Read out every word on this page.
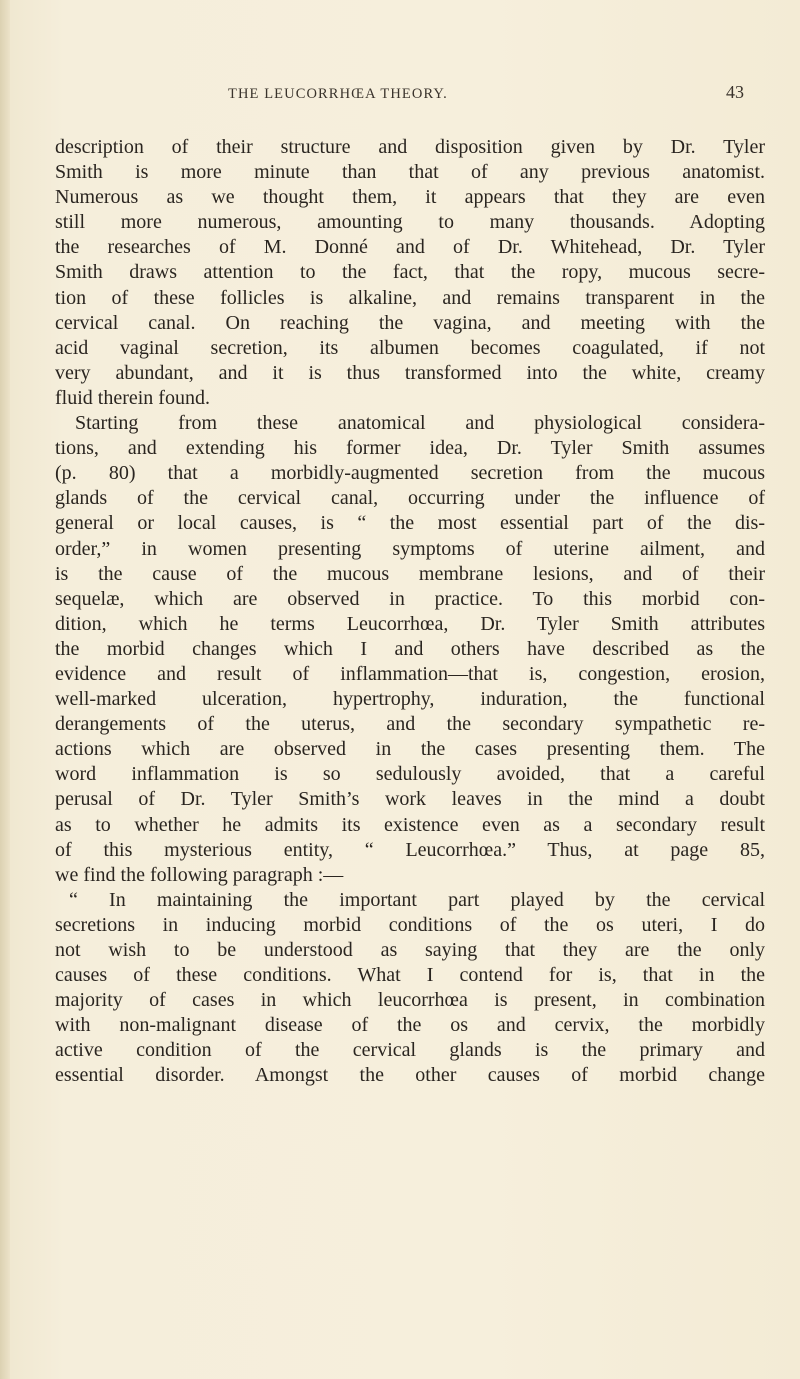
THE LEUCORRHŒA THEORY.	43
description of their structure and disposition given by Dr. Tyler
Smith is more minute than that of any previous anatomist.
Numerous as we thought them, it appears that they are even
still more numerous, amounting to many thousands. Adopting
the researches of M. Donné and of Dr. Whitehead, Dr. Tyler
Smith draws attention to the fact, that the ropy, mucous secre-
tion of these follicles is alkaline, and remains transparent in the
cervical canal. On reaching the vagina, and meeting with the
acid vaginal secretion, its albumen becomes coagulated, if not
very abundant, and it is thus transformed into the white, creamy
fluid therein found.
Starting from these anatomical and physiological considera-
tions, and extending his former idea, Dr. Tyler Smith assumes
(p. 80) that a morbidly-augmented secretion from the mucous
glands of the cervical canal, occurring under the influence of
general or local causes, is “ the most essential part of the dis-
order,” in women presenting symptoms of uterine ailment, and
is the cause of the mucous membrane lesions, and of their
sequelæ, which are observed in practice. To this morbid con-
dition, which he terms Leucorrhœa, Dr. Tyler Smith attributes
the morbid changes which I and others have described as the
evidence and result of inflammation—that is, congestion, erosion,
well-marked ulceration, hypertrophy, induration, the functional
derangements of the uterus, and the secondary sympathetic re-
actions which are observed in the cases presenting them. The
word inflammation is so sedulously avoided, that a careful
perusal of Dr. Tyler Smith’s work leaves in the mind a doubt
as to whether he admits its existence even as a secondary result
of this mysterious entity, “ Leucorrhœa.” Thus, at page 85,
we find the following paragraph :—
“ In maintaining the important part played by the cervical
secretions in inducing morbid conditions of the os uteri, I do
not wish to be understood as saying that they are the only
causes of these conditions. What I contend for is, that in the
majority of cases in which leucorrhœa is present, in combination
with non-malignant disease of the os and cervix, the morbidly
active condition of the cervical glands is the primary and
essential disorder. Amongst the other causes of morbid change
